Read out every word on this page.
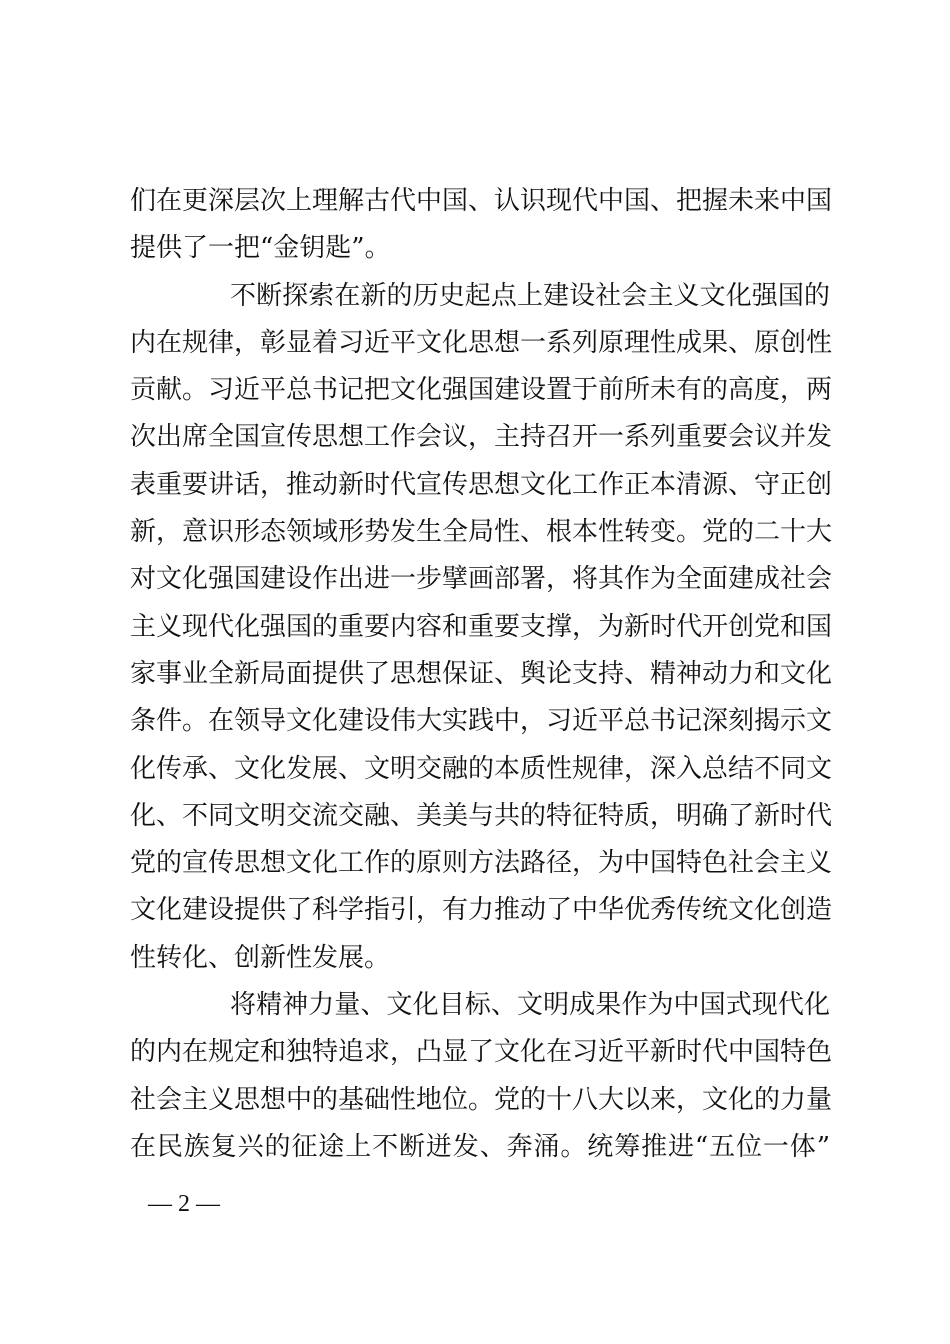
们在更深层次上理解古代中国、认识现代中国、把握未来中国
提供了一把“金钥匙”。
不断探索在新的历史起点上建设社会主义文化强国的
内在规律，彰显着习近平文化思想一系列原理性成果、原创性
贡献。习近平总书记把文化强国建设置于前所未有的高度，两
次出席全国宣传思想工作会议，主持召开一系列重要会议并发
表重要讲话，推动新时代宣传思想文化工作正本清源、守正创
新，意识形态领域形势发生全局性、根本性转变。党的二十大
对文化强国建设作出进一步擘画部署，将其作为全面建成社会
主义现代化强国的重要内容和重要支撑，为新时代开创党和国
家事业全新局面提供了思想保证、舆论支持、精神动力和文化
条件。在领导文化建设伟大实践中，习近平总书记深刻揭示文
化传承、文化发展、文明交融的本质性规律，深入总结不同文
化、不同文明交流交融、美美与共的特征特质，明确了新时代
党的宣传思想文化工作的原则方法路径，为中国特色社会主义
文化建设提供了科学指引，有力推动了中华优秀传统文化创造
性转化、创新性发展。
将精神力量、文化目标、文明成果作为中国式现代化
的内在规定和独特追求，凸显了文化在习近平新时代中国特色
社会主义思想中的基础性地位。党的十八大以来，文化的力量
在民族复兴的征途上不断迸发、奔涌。统筹推进“五位一体”
— 2 —
